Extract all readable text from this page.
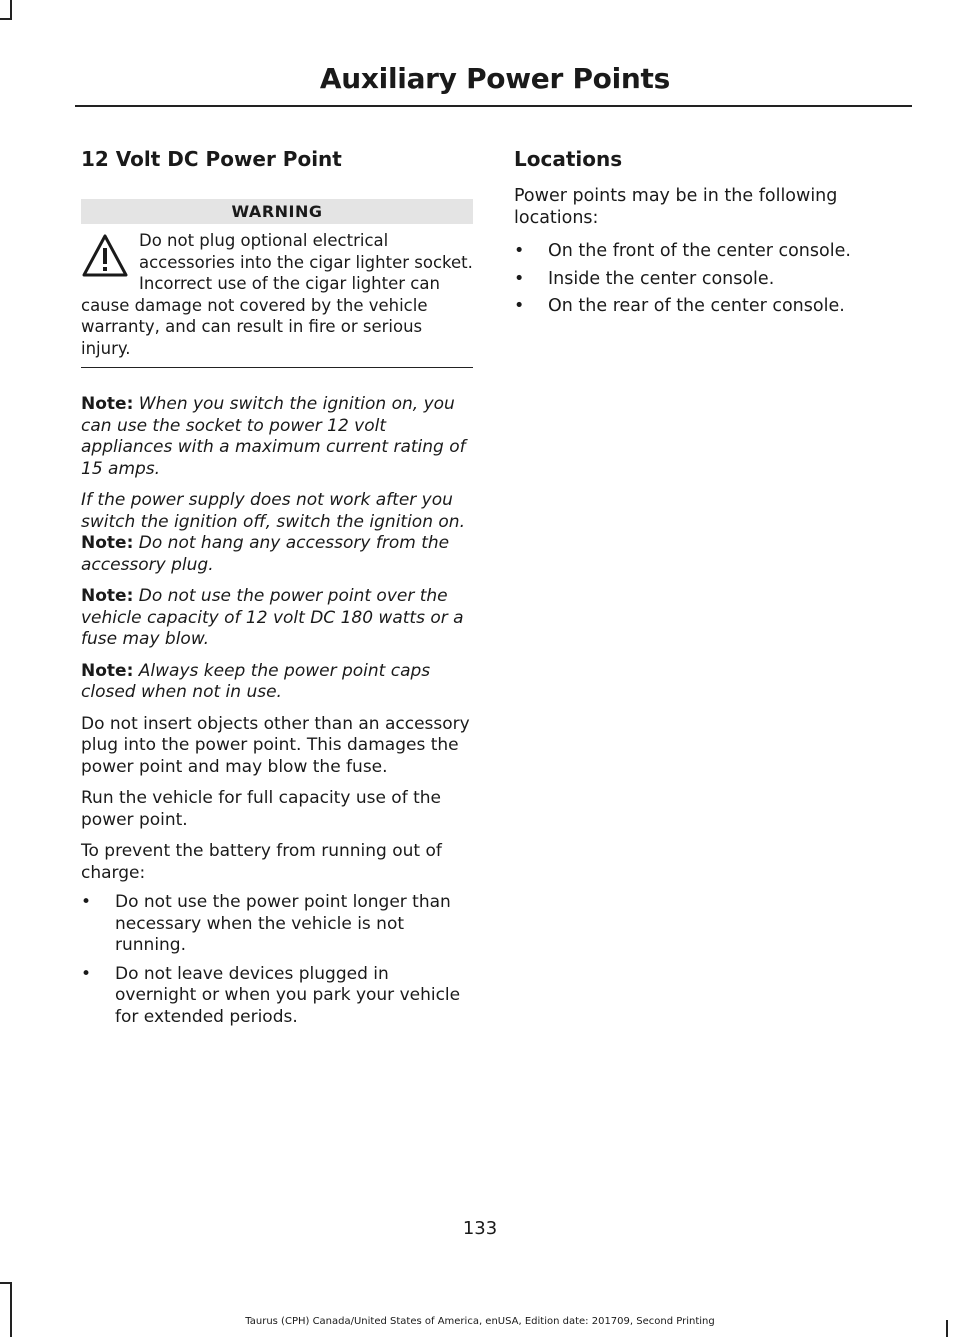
Auxiliary Power Points
12 Volt DC Power Point
WARNING
Do not plug optional electrical accessories into the cigar lighter socket. Incorrect use of the cigar lighter can cause damage not covered by the vehicle warranty, and can result in fire or serious injury.

Note: When you switch the ignition on, you can use the socket to power 12 volt appliances with a maximum current rating of 15 amps.

If the power supply does not work after you switch the ignition off, switch the ignition on.

Note: Do not hang any accessory from the accessory plug.

Note: Do not use the power point over the vehicle capacity of 12 volt DC 180 watts or a fuse may blow.

Note: Always keep the power point caps closed when not in use.

Do not insert objects other than an accessory plug into the power point. This damages the power point and may blow the fuse.

Run the vehicle for full capacity use of the power point.

To prevent the battery from running out of charge:

• Do not use the power point longer than necessary when the vehicle is not running.
• Do not leave devices plugged in overnight or when you park your vehicle for extended periods.
Locations

Power points may be in the following locations:

• On the front of the center console.
• Inside the center console.
• On the rear of the center console.
133
Taurus (CPH) Canada/United States of America, enUSA, Edition date: 201709, Second Printing
